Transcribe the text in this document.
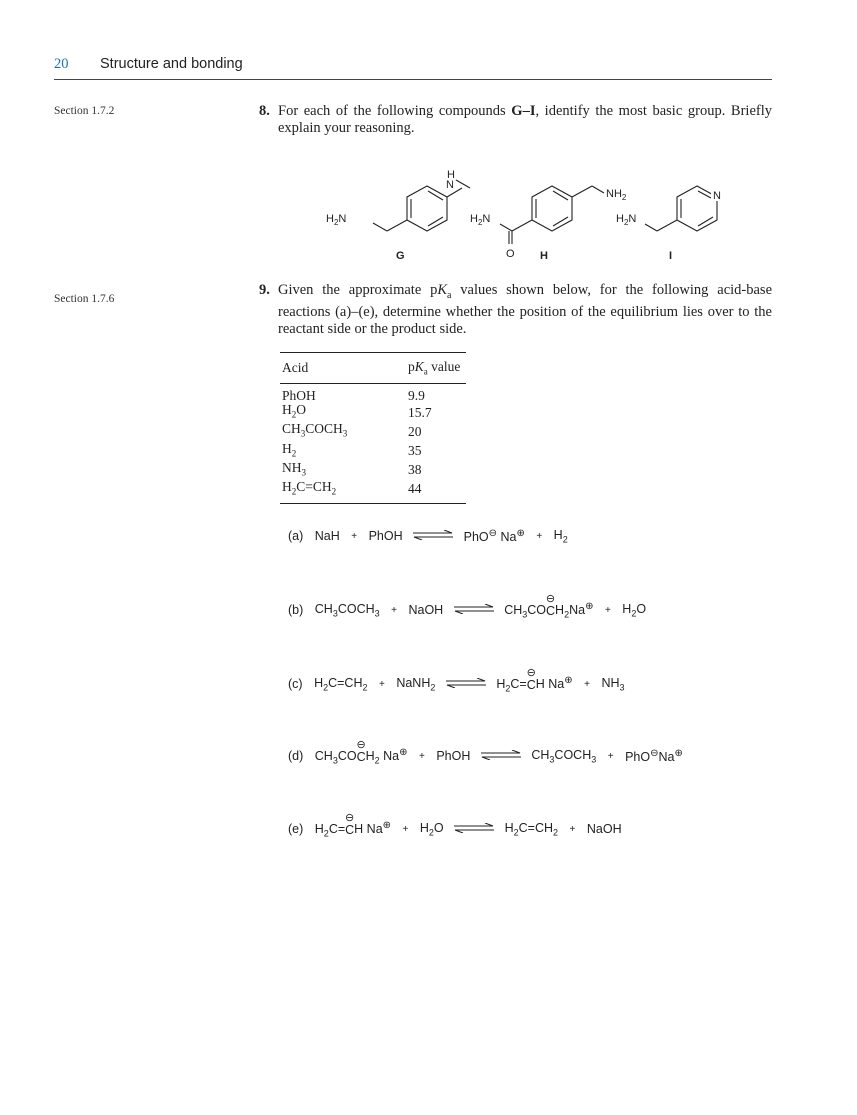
20 Structure and bonding
Section 1.7.2
Section 1.7.6
8. For each of the following compounds G–I, identify the most basic group. Briefly explain your reasoning.
$H_2N$
H
N
G
$H_2N$
$NH_2$
O H
$H_2N$
N
I
9. Given the approximate $pK_a$ values shown below, for the following acid-base reactions (a)–(e), determine whether the position of the equilibrium lies over to the reactant side or the product side.
Acid	$pK_a$ value
PhOH	9.9
$H_2O$	15.7
$CH_3COCH_3$	20
$H_2$	35
$NH_3$	38
$H_2C=CH_2$	44
(a) NaH + PhOH ⇌ PhO⊖ $Na^\oplus + H_2$
(b) $CH_3COCH_3$ + NaOH ⇌ $CH_3COC$
⊖
$H_2Na^\oplus + H_2O$
(c) $H_2C=CH_2$ + NaNH$_2$ ⇌ $H_2C=C$
⊖
H $Na^\oplus + NH_3$
(d) $CH_3COC$
⊖
$H_2$ Na⊕ + PhOH ⇌ $CH_3COCH_3 + PhO^⊖Na^\oplus$
(e) $H_2C=C$
⊖
H $Na^\oplus + H_2O$ ⇌ $H_2C=CH_2$ + NaOH
